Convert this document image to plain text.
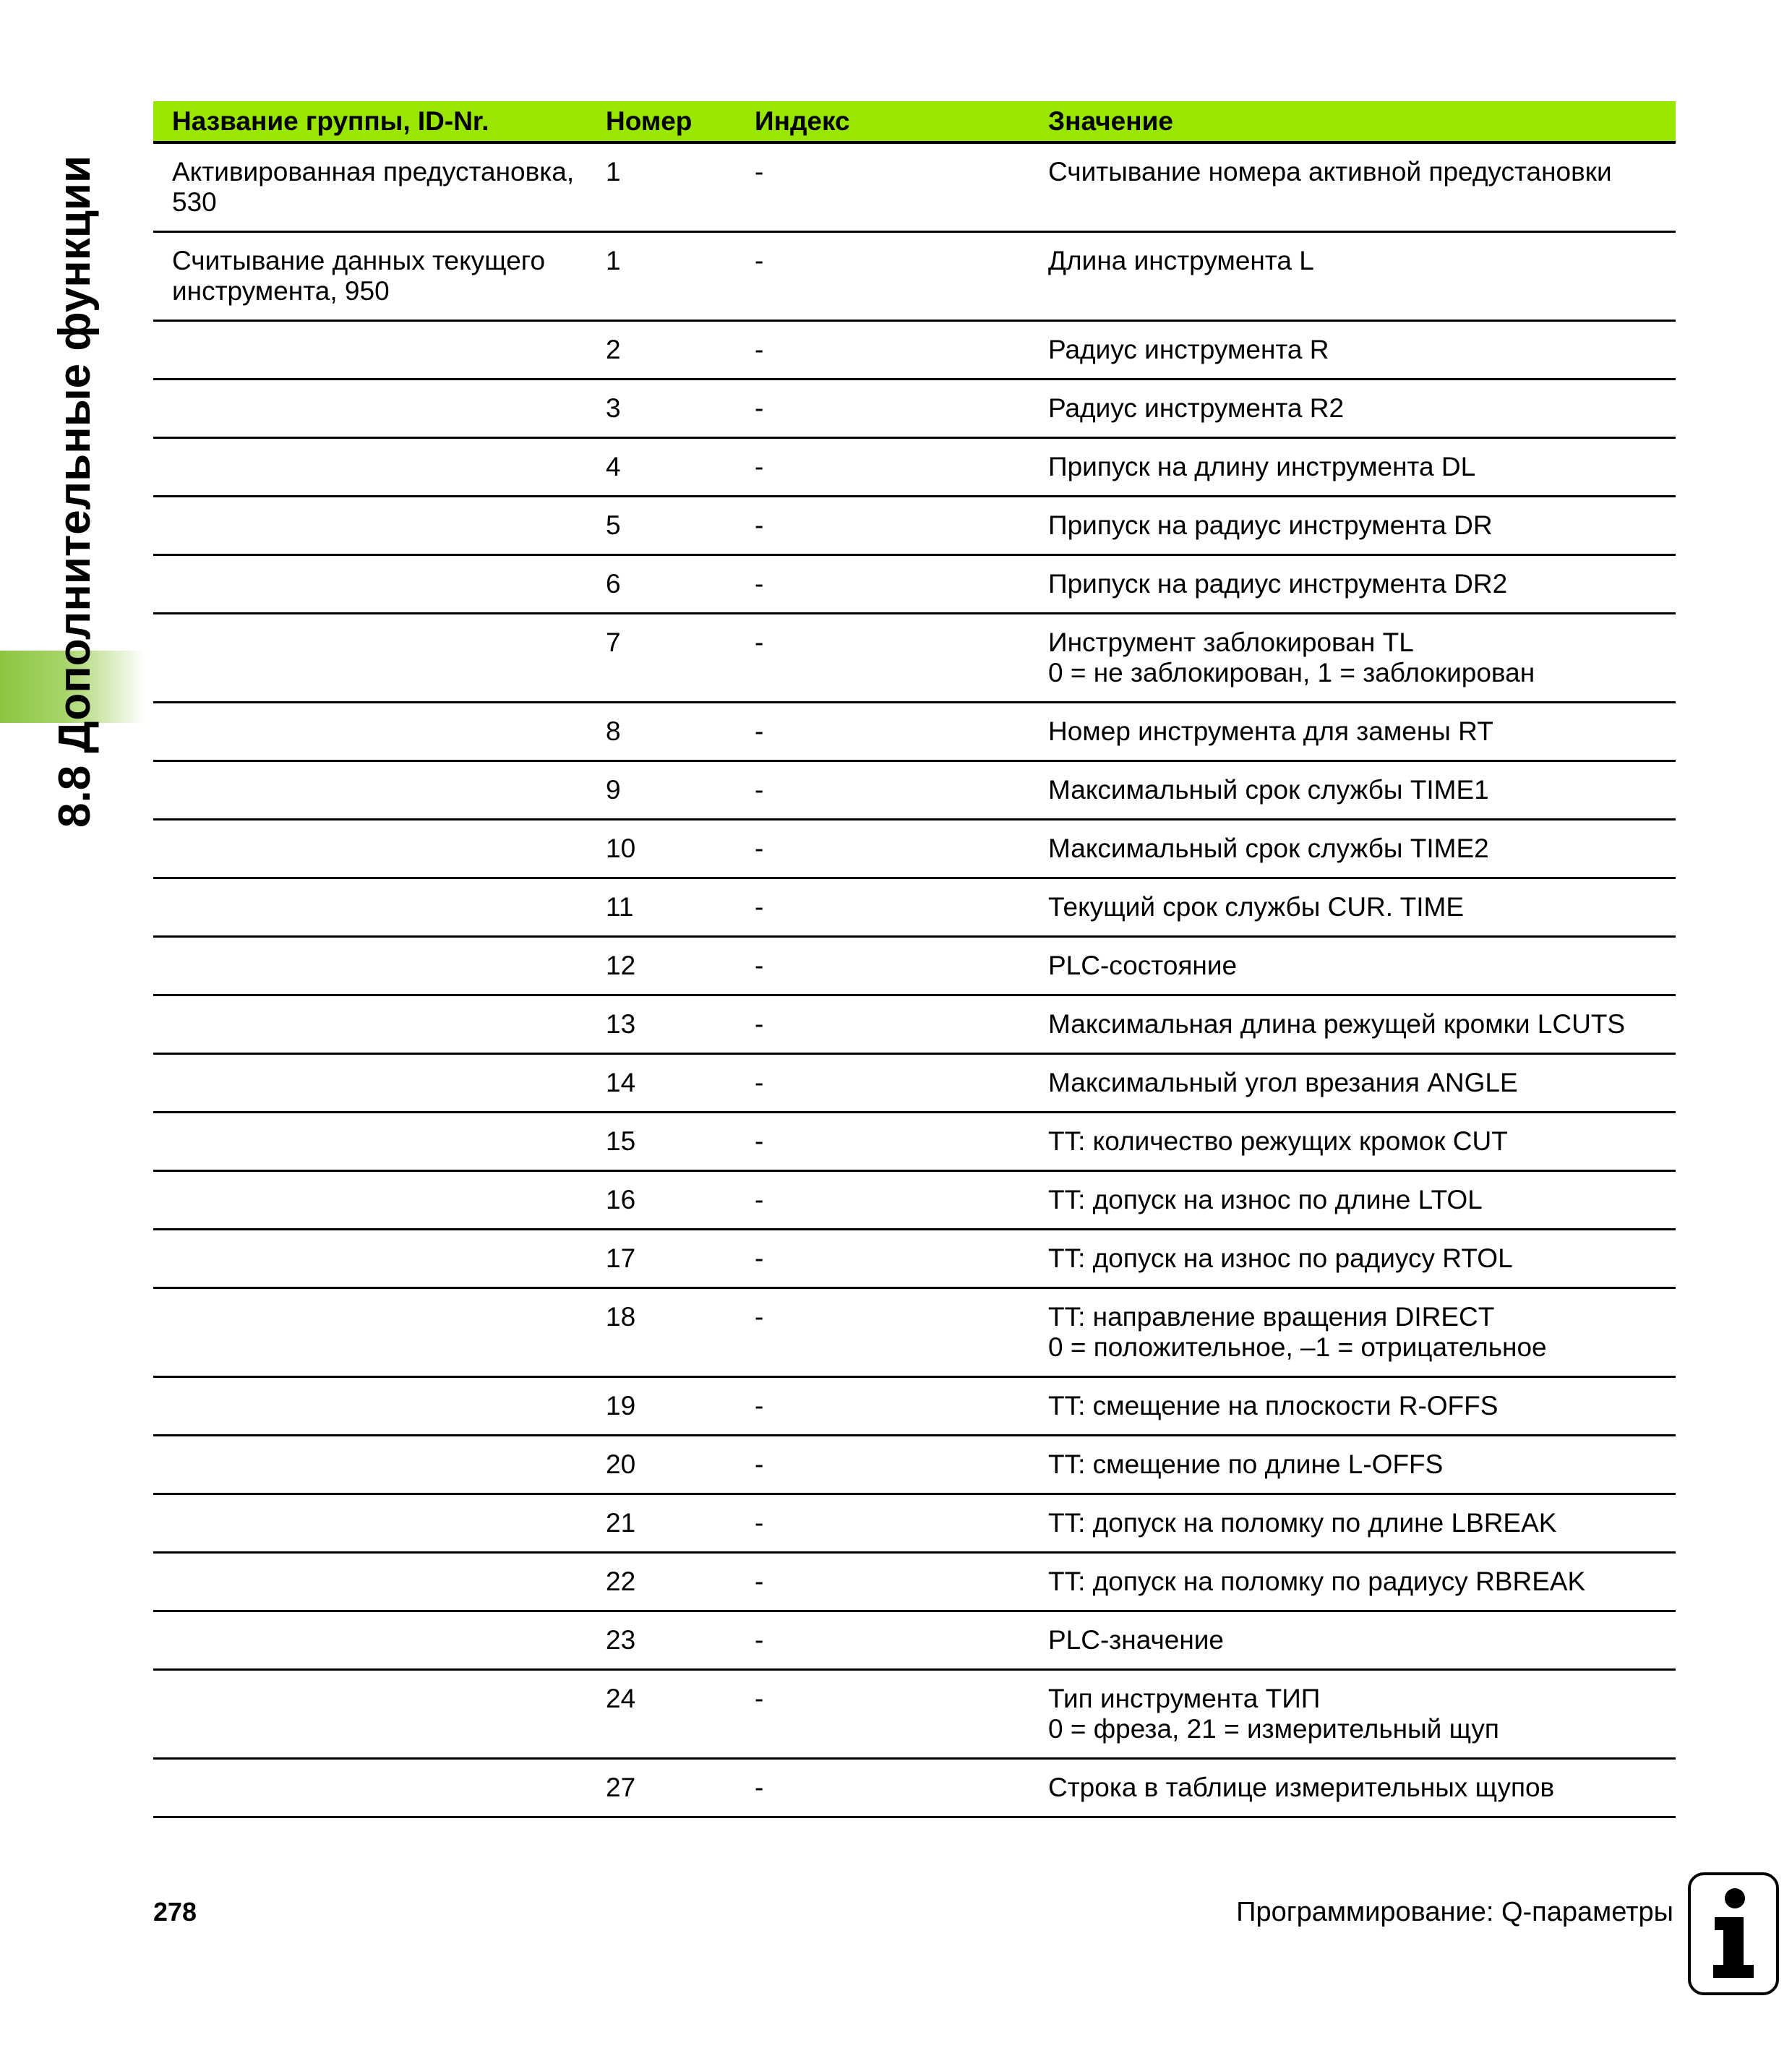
8.8 Дополнительные функции
Название группы, ID-Nr.	Номер	Индекс	Значение
Активированная предустановка, 530	1	-	Считывание номера активной предустановки

Считывание данных текущего инструмента, 950	1	-	Длина инструмента L

	2	-	Радиус инструмента R

	3	-	Радиус инструмента R2

	4	-	Припуск на длину инструмента DL

	5	-	Припуск на радиус инструмента DR

	6	-	Припуск на радиус инструмента DR2

	7	-	Инструмент заблокирован TL
0 = не заблокирован, 1 = заблокирован

	8	-	Номер инструмента для замены RT

	9	-	Максимальный срок службы TIME1

	10	-	Максимальный срок службы TIME2

	11	-	Текущий срок службы CUR. TIME

	12	-	PLC-состояние

	13	-	Максимальная длина режущей кромки LCUTS

	14	-	Максимальный угол врезания ANGLE

	15	-	TT: количество режущих кромок CUT

	16	-	TT: допуск на износ по длине LTOL

	17	-	TT: допуск на износ по радиусу RTOL

	18	-	TT: направление вращения DIRECT
0 = положительное, –1 = отрицательное

	19	-	TT: смещение на плоскости R-OFFS

	20	-	TT: смещение по длине L-OFFS

	21	-	TT: допуск на поломку по длине LBREAK

	22	-	TT: допуск на поломку по радиусу RBREAK

	23	-	PLC-значение

	24	-	Тип инструмента ТИП
0 = фреза, 21 = измерительный щуп

	27	-	Строка в таблице измерительных щупов
278	Программирование: Q-параметры
